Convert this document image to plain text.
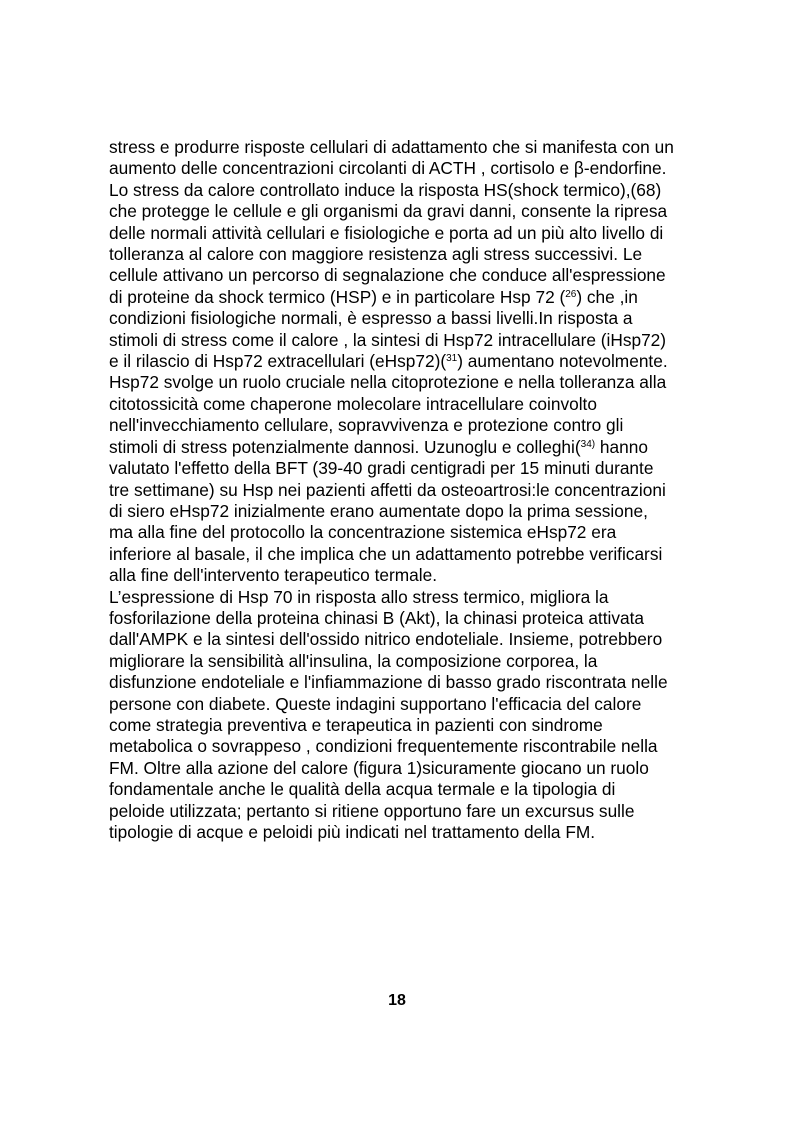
stress e produrre risposte cellulari di adattamento che si manifesta con un
aumento delle concentrazioni circolanti di ACTH , cortisolo e β-endorfine.
Lo stress da calore controllato induce la risposta HS(shock termico),(68)
che protegge le cellule e gli organismi da gravi danni, consente la ripresa
delle normali attività cellulari e fisiologiche e porta ad un più alto livello di
tolleranza al calore con maggiore resistenza agli stress successivi. Le
cellule attivano un percorso di segnalazione che conduce all'espressione
di proteine da shock termico (HSP) e in particolare Hsp 72 ($^{26}$) che ,in
condizioni fisiologiche normali, è espresso a bassi livelli.In risposta a
stimoli di stress come il calore , la sintesi di Hsp72 intracellulare (iHsp72)
e il rilascio di Hsp72 extracellulari (eHsp72)($^{31}$) aumentano notevolmente.
Hsp72 svolge un ruolo cruciale nella citoprotezione e nella tolleranza alla
citotossicità come chaperone molecolare intracellulare coinvolto
nell'invecchiamento cellulare, sopravvivenza e protezione contro gli
stimoli di stress potenzialmente dannosi. Uzunoglu e colleghi($^{34)}$ hanno
valutato l'effetto della BFT (39-40 gradi centigradi per 15 minuti durante
tre settimane) su Hsp nei pazienti affetti da osteoartrosi:le concentrazioni
di siero eHsp72 inizialmente erano aumentate dopo la prima sessione,
ma alla fine del protocollo la concentrazione sistemica eHsp72 era
inferiore al basale, il che implica che un adattamento potrebbe verificarsi
alla fine dell'intervento terapeutico termale.
L’espressione di Hsp 70 in risposta allo stress termico, migliora la
fosforilazione della proteina chinasi B (Akt), la chinasi proteica attivata
dall'AMPK e la sintesi dell'ossido nitrico endoteliale. Insieme, potrebbero
migliorare la sensibilità all'insulina, la composizione corporea, la
disfunzione endoteliale e l'infiammazione di basso grado riscontrata nelle
persone con diabete. Queste indagini supportano l'efficacia del calore
come strategia preventiva e terapeutica in pazienti con sindrome
metabolica o sovrappeso , condizioni frequentemente riscontrabile nella
FM. Oltre alla azione del calore (figura 1)sicuramente giocano un ruolo
fondamentale anche le qualità della acqua termale e la tipologia di
peloide utilizzata; pertanto si ritiene opportuno fare un excursus sulle
tipologie di acque e peloidi più indicati nel trattamento della FM.
18
